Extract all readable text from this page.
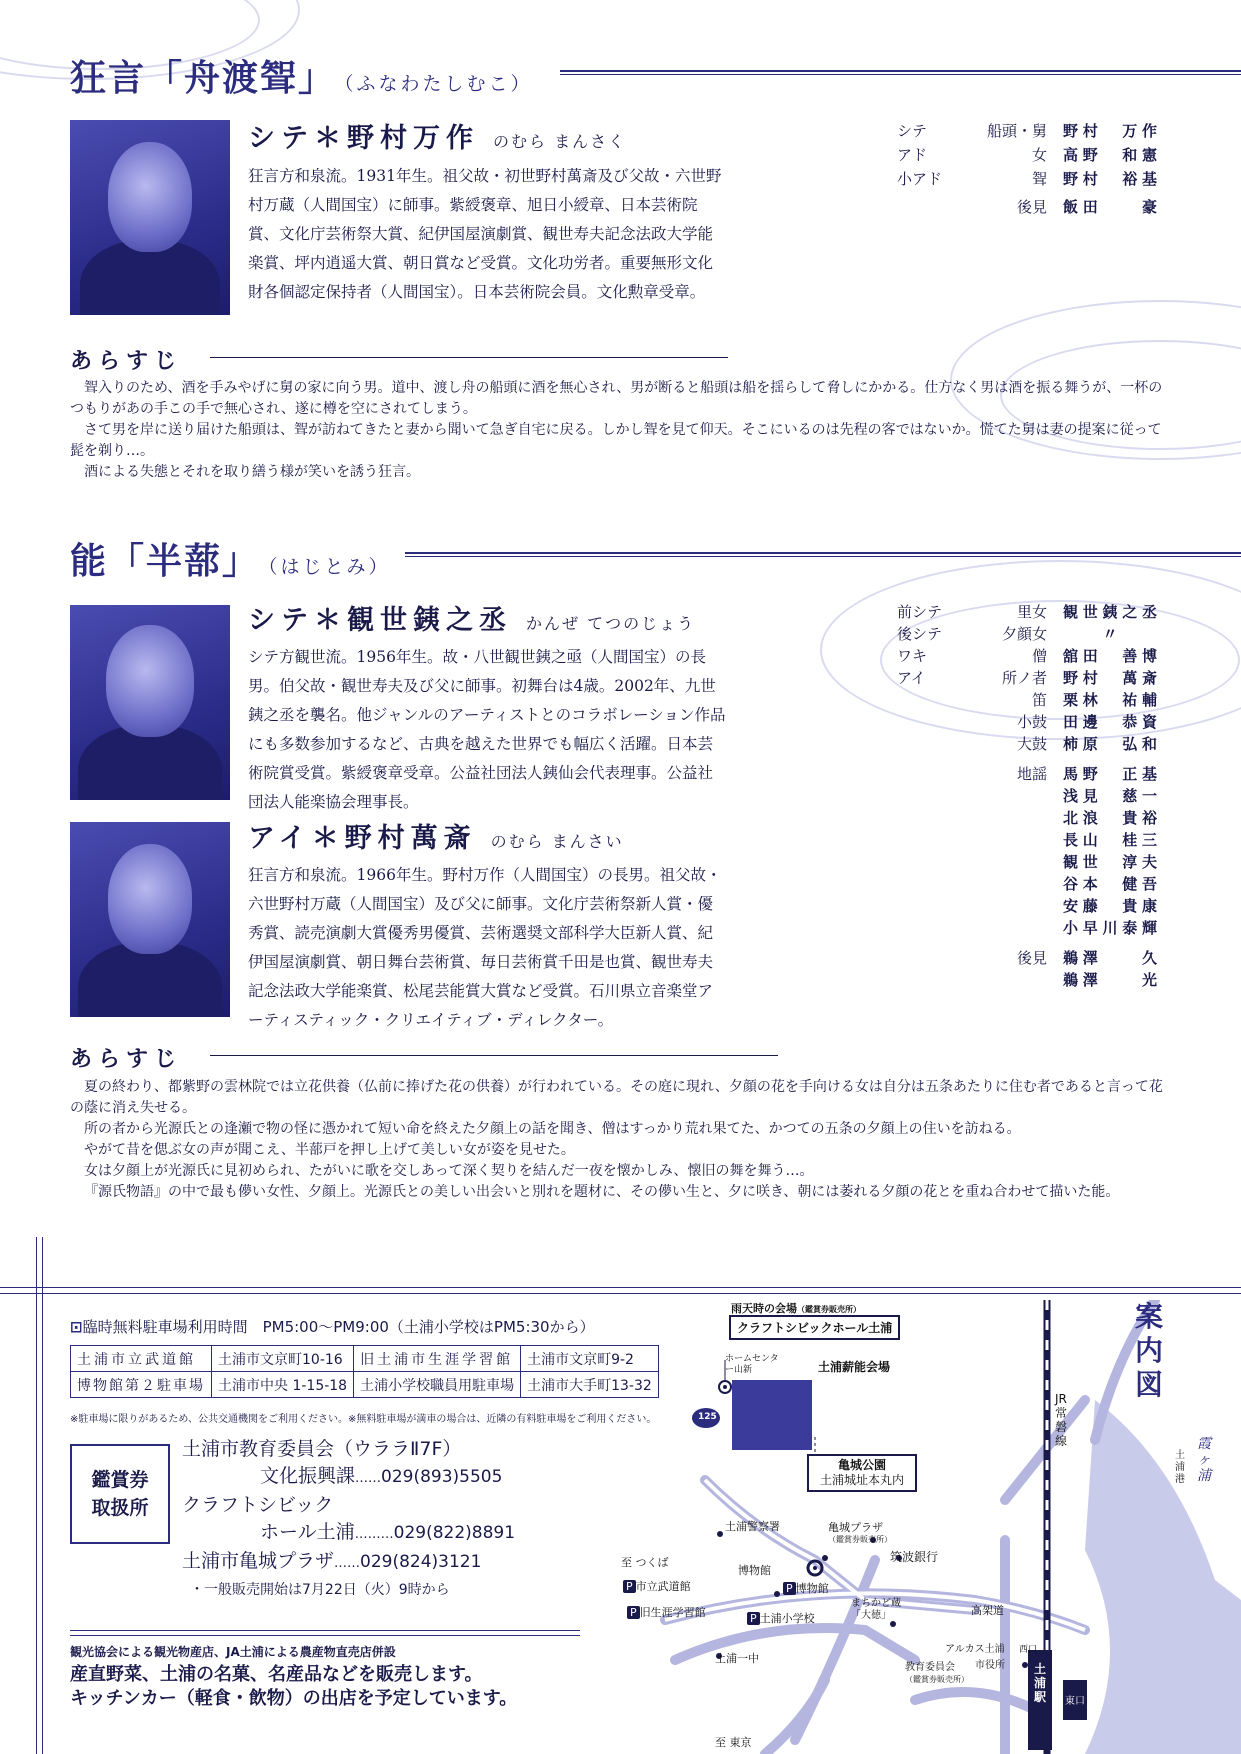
狂言「舟渡聟」 （ふなわたしむこ）
シテ＊野村万作 のむら まんさく
狂言方和泉流。1931年生。祖父故・初世野村萬斎及び父故・六世野村万蔵（人間国宝）に師事。紫綬褒章、旭日小綬章、日本芸術院賞、文化庁芸術祭大賞、紀伊国屋演劇賞、観世寿夫記念法政大学能楽賞、坪内逍遥大賞、朝日賞など受賞。文化功労者。重要無形文化財各個認定保持者（人間国宝）。日本芸術院会員。文化勲章受章。
シテ	船頭・舅 野村　万作
アド	女 高野　和憲
小アド	聟 野村　裕基
後見 飯田　　豪
あらすじ

聟入りのため、酒を手みやげに舅の家に向う男。道中、渡し舟の船頭に酒を無心され、男が断ると船頭は船を揺らして脅しにかかる。仕方なく男は酒を振る舞うが、一杯のつもりがあの手この手で無心され、遂に樽を空にされてしまう。

さて男を岸に送り届けた船頭は、聟が訪ねてきたと妻から聞いて急ぎ自宅に戻る。しかし聟を見て仰天。そこにいるのは先程の客ではないか。慌てた舅は妻の提案に従って髭を剃り…。

酒による失態とそれを取り繕う様が笑いを誘う狂言。

能「半蔀」 （はじとみ）
シテ＊観世銕之丞 かんぜ てつのじょう
シテ方観世流。1956年生。故・八世観世銕之亟（人間国宝）の長男。伯父故・観世寿夫及び父に師事。初舞台は4歳。2002年、九世銕之丞を襲名。他ジャンルのアーティストとのコラボレーション作品にも多数参加するなど、古典を越えた世界でも幅広く活躍。日本芸術院賞受賞。紫綬褒章受章。公益社団法人銕仙会代表理事。公益社団法人能楽協会理事長。
アイ＊野村萬斎 のむら まんさい
狂言方和泉流。1966年生。野村万作（人間国宝）の長男。祖父故・六世野村万蔵（人間国宝）及び父に師事。文化庁芸術祭新人賞・優秀賞、読売演劇大賞優秀男優賞、芸術選奨文部科学大臣新人賞、紀伊国屋演劇賞、朝日舞台芸術賞、毎日芸術賞千田是也賞、観世寿夫記念法政大学能楽賞、松尾芸能賞大賞など受賞。石川県立音楽堂アーティスティック・クリエイティブ・ディレクター。
前シテ	里女 観世銕之丞
後シテ	夕顔女	〃
ワキ	僧 舘田　善博
アイ	所ノ者 野村　萬斎
笛 栗林　祐輔
小鼓 田邊　恭資
大鼓 柿原　弘和
地謡 馬野　正基
浅見　慈一
北浪　貴裕
長山　桂三
観世　淳夫
谷本　健吾
安藤　貴康
小早川泰輝
後見 鵜澤　　久
鵜澤　　光
あらすじ

夏の終わり、都紫野の雲林院では立花供養（仏前に捧げた花の供養）が行われている。その庭に現れ、夕顔の花を手向ける女は自分は五条あたりに住む者であると言って花の蔭に消え失せる。

所の者から光源氏との逢瀬で物の怪に憑かれて短い命を終えた夕顔上の話を聞き、僧はすっかり荒れ果てた、かつての五条の夕顔上の住いを訪ねる。

やがて昔を偲ぶ女の声が聞こえ、半蔀戸を押し上げて美しい女が姿を見せた。

女は夕顔上が光源氏に見初められ、たがいに歌を交しあって深く契りを結んだ一夜を懐かしみ、懐旧の舞を舞う…。

『源氏物語』の中で最も儚い女性、夕顔上。光源氏との美しい出会いと別れを題材に、その儚い生と、夕に咲き、朝には萎れる夕顔の花とを重ね合わせて描いた能。

⊡臨時無料駐車場利用時間　PM5:00〜PM9:00（土浦小学校はPM5:30から）
土浦市立武道館	土浦市文京町10-16	旧土浦市生涯学習館	土浦市文京町9-2
博物館第２駐車場	土浦市中央 1-15-18	土浦小学校職員用駐車場	土浦市大手町13-32
※駐車場に限りがあるため、公共交通機関をご利用ください。※無料駐車場が満車の場合は、近隣の有料駐車場をご利用ください。
鑑賞券
取扱所
土浦市教育委員会（ウララⅡ7F）
文化振興課……029(893)5505
クラフトシビック
ホール土浦………029(822)8891
土浦市亀城プラザ……029(824)3121
・一般販売開始は7月22日（火）9時から
観光協会による観光物産店、JA土浦による農産物直売店併設
産直野菜、土浦の名菓、名産品などを販売します。
キッチンカー（軽食・飲物）の出店を予定しています。
雨天時の会場（鑑賞券販売所）
クラフトシビックホール土浦
ホームセンター山新	土浦薪能会場
薪能
亀城公園
土浦城址本丸内
JR常磐線
案内図
霞ヶ浦
土浦港
125
土浦警察署	亀城プラザ
（鑑賞券販売所）
筑波銀行
至 つくば
P 市立武道館
博物館
P 博物館
P 旧生涯学習館	P 土浦小学校
まちかど蔵「大徳」	高架道
アルカス土浦
市役所
教育委員会
（鑑賞券販売所）
土浦一中
至 東京
土浦駅
西口
東口
